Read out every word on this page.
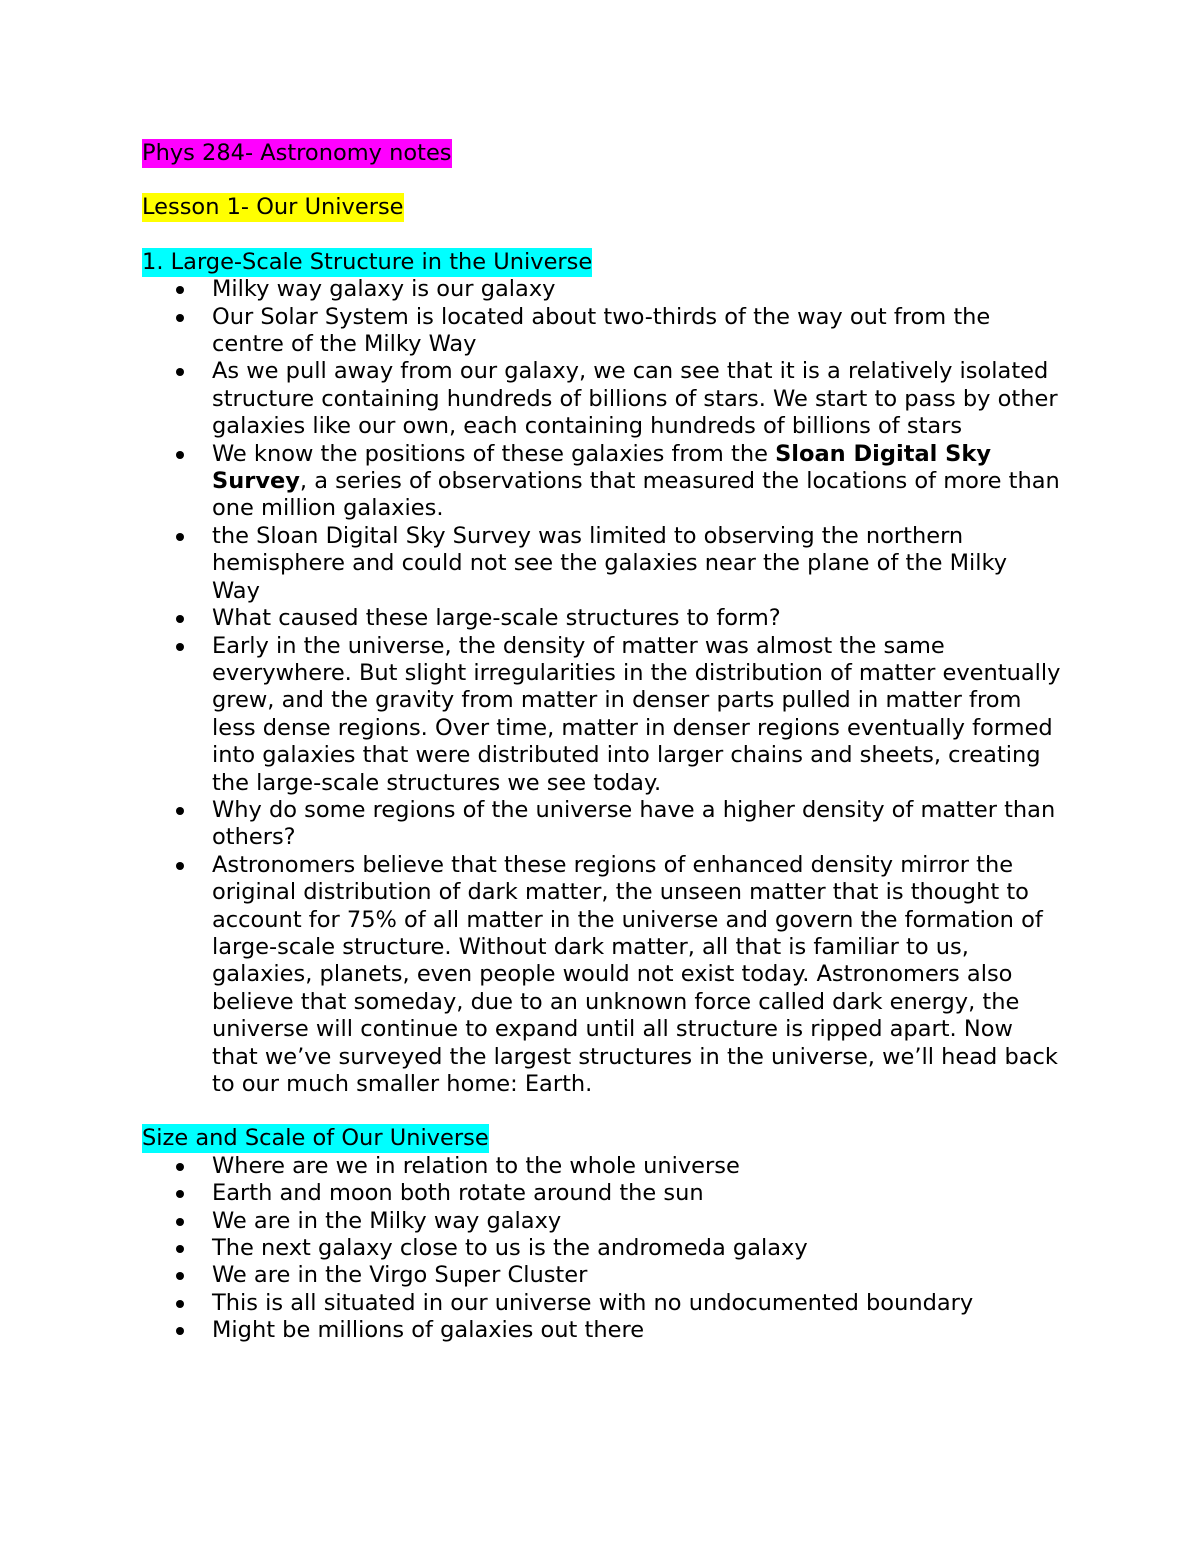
Phys 284- Astronomy notes

Lesson 1- Our Universe

1. Large-Scale Structure in the Universe

Milky way galaxy is our galaxy
Our Solar System is located about two-thirds of the way out from the centre of the Milky Way
As we pull away from our galaxy, we can see that it is a relatively isolated structure containing hundreds of billions of stars. We start to pass by other galaxies like our own, each containing hundreds of billions of stars
We know the positions of these galaxies from the Sloan Digital Sky Survey, a series of observations that measured the locations of more than one million galaxies.
the Sloan Digital Sky Survey was limited to observing the northern hemisphere and could not see the galaxies near the plane of the Milky Way
What caused these large-scale structures to form?
Early in the universe, the density of matter was almost the same everywhere. But slight irregularities in the distribution of matter eventually grew, and the gravity from matter in denser parts pulled in matter from less dense regions. Over time, matter in denser regions eventually formed into galaxies that were distributed into larger chains and sheets, creating the large-scale structures we see today.
Why do some regions of the universe have a higher density of matter than others?
Astronomers believe that these regions of enhanced density mirror the original distribution of dark matter, the unseen matter that is thought to account for 75% of all matter in the universe and govern the formation of large-scale structure. Without dark matter, all that is familiar to us, galaxies, planets, even people would not exist today. Astronomers also believe that someday, due to an unknown force called dark energy, the universe will continue to expand until all structure is ripped apart. Now that we’ve surveyed the largest structures in the universe, we’ll head back to our much smaller home: Earth.

Size and Scale of Our Universe

Where are we in relation to the whole universe
Earth and moon both rotate around the sun
We are in the Milky way galaxy
The next galaxy close to us is the andromeda galaxy
We are in the Virgo Super Cluster
This is all situated in our universe with no undocumented boundary
Might be millions of galaxies out there
